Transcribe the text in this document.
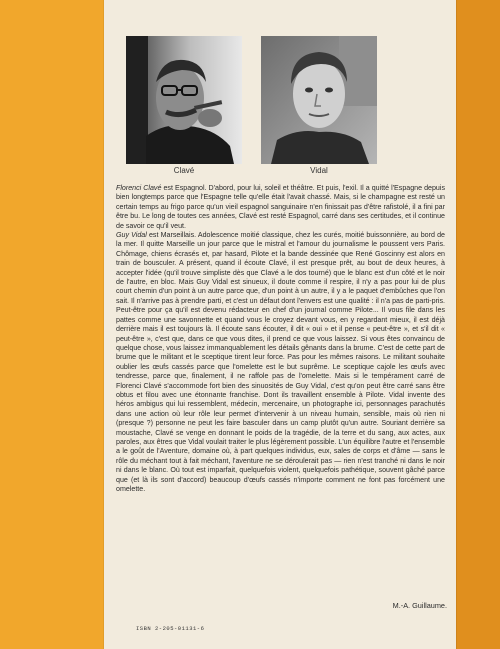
Clavé	Vidal

Florenci Clavé est Espagnol. D'abord, pour lui, soleil et théâtre. Et puis, l'exil. Il a quitté l'Espagne depuis bien longtemps parce que l'Espagne telle qu'elle était l'avait chassé. Mais, si le champagne est resté un certain temps au frigo parce qu'un vieil espagnol sanguinaire n'en finissait pas d'être rafistolé, il a fini par être bu. Le long de toutes ces années, Clavé est resté Espagnol, carré dans ses certitudes, et il continue de savoir ce qu'il veut.

Guy Vidal est Marseillais. Adolescence moitié classique, chez les curés, moitié buissonnière, au bord de la mer. Il quitte Marseille un jour parce que le mistral et l'amour du journalisme le poussent vers Paris. Chômage, chiens écrasés et, par hasard, Pilote et la bande dessinée que René Goscinny est alors en train de bousculer. A présent, quand il écoute Clavé, il est presque prêt, au bout de deux heures, à accepter l'idée (qu'il trouve simpliste dès que Clavé a le dos tourné) que le blanc est d'un côté et le noir de l'autre, en bloc. Mais Guy Vidal est sinueux, il doute comme il respire, il n'y a pas pour lui de plus court chemin d'un point à un autre parce que, d'un point à un autre, il y a le paquet d'embûches que l'on sait. Il n'arrive pas à prendre parti, et c'est un défaut dont l'envers est une qualité : il n'a pas de parti-pris. Peut-être pour ça qu'il est devenu rédacteur en chef d'un journal comme Pilote... Il vous file dans les pattes comme une savonnette et quand vous le croyez devant vous, en y regardant mieux, il est déjà derrière mais il est toujours là. Il écoute sans écouter, il dit « oui » et il pense « peut-être », et s'il dit « peut-être », c'est que, dans ce que vous dites, il prend ce que vous laissez. Si vous êtes convaincu de quelque chose, vous laissez immanquablement les détails gênants dans la brume. C'est de cette part de brume que le militant et le sceptique tirent leur force. Pas pour les mêmes raisons. Le militant souhaite oublier les œufs cassés parce que l'omelette est le but suprême. Le sceptique cajole les œufs avec tendresse, parce que, finalement, il ne raffole pas de l'omelette. Mais si le tempérament carré de Florenci Clavé s'accommode fort bien des sinuosités de Guy Vidal, c'est qu'on peut être carré sans être obtus et filou avec une étonnante franchise. Dont ils travaillent ensemble à Pilote. Vidal invente des héros ambigus qui lui ressemblent, médecin, mercenaire, un photographe ici, personnages parachutés dans une action où leur rôle leur permet d'intervenir à un niveau humain, sensible, mais où rien ni (presque ?) personne ne peut les faire basculer dans un camp plutôt qu'un autre. Souriant derrière sa moustache, Clavé se venge en donnant le poids de la tragédie, de la terre et du sang, aux actes, aux paroles, aux êtres que Vidal voulait traiter le plus légèrement possible. L'un équilibre l'autre et l'ensemble a le goût de l'Aventure, domaine où, à part quelques individus, eux, sales de corps et d'âme — sans le rôle du méchant tout à fait méchant, l'aventure ne se déroulerait pas — rien n'est tranché ni dans le noir ni dans le blanc. Où tout est imparfait, quelquefois violent, quelquefois pathétique, souvent gâché parce que (et là ils sont d'accord) beaucoup d'œufs cassés n'importe comment ne font pas forcément une omelette.

M.-A. Guillaume.
ISBN 2-205-01131-6
